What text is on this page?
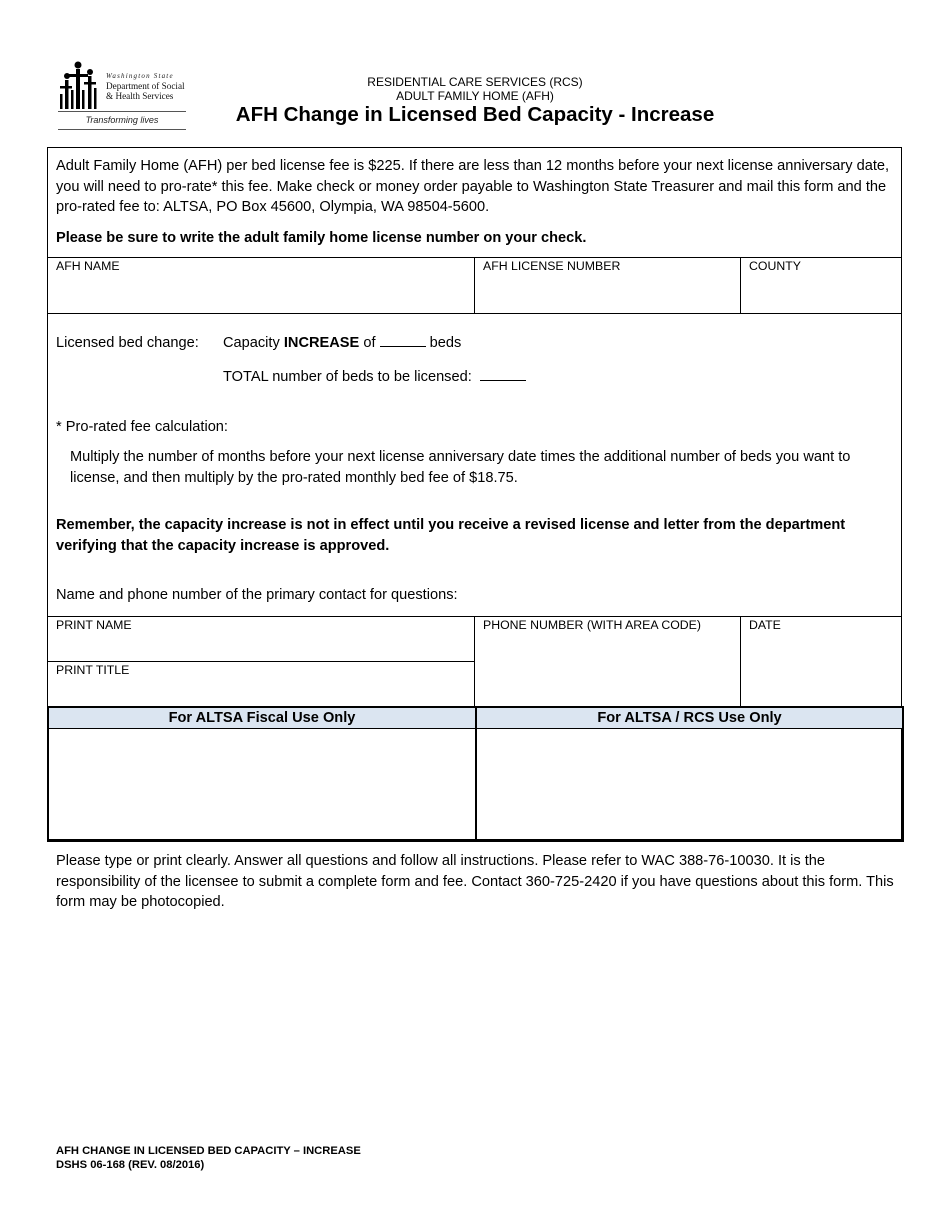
Washington State
Department of Social
& Health Services
Transforming lives
RESIDENTIAL CARE SERVICES (RCS)
ADULT FAMILY HOME (AFH)
AFH Change in Licensed Bed Capacity - Increase
Adult Family Home (AFH) per bed license fee is $225. If there are less than 12 months before your next license anniversary date, you will need to pro-rate* this fee. Make check or money order payable to Washington State Treasurer and mail this form and the pro-rated fee to: ALTSA, PO Box 45600, Olympia, WA 98504-5600.
Please be sure to write the adult family home license number on your check.
AFH NAME	AFH LICENSE NUMBER	COUNTY
Licensed bed change: Capacity INCREASE of	beds
TOTAL number of beds to be licensed:
* Pro-rated fee calculation:
Multiply the number of months before your next license anniversary date times the additional number of beds you want to license, and then multiply by the pro-rated monthly bed fee of $18.75.
Remember, the capacity increase is not in effect until you receive a revised license and letter from the department verifying that the capacity increase is approved.
Name and phone number of the primary contact for questions:
PRINT NAME
PRINT TITLE
PHONE NUMBER (WITH AREA CODE)	DATE
For ALTSA Fiscal Use Only	For ALTSA / RCS Use Only
Please type or print clearly. Answer all questions and follow all instructions. Please refer to WAC 388-76-10030. It is the responsibility of the licensee to submit a complete form and fee. Contact 360-725-2420 if you have questions about this form. This form may be photocopied.
AFH CHANGE IN LICENSED BED CAPACITY – INCREASE
DSHS 06-168 (REV. 08/2016)
